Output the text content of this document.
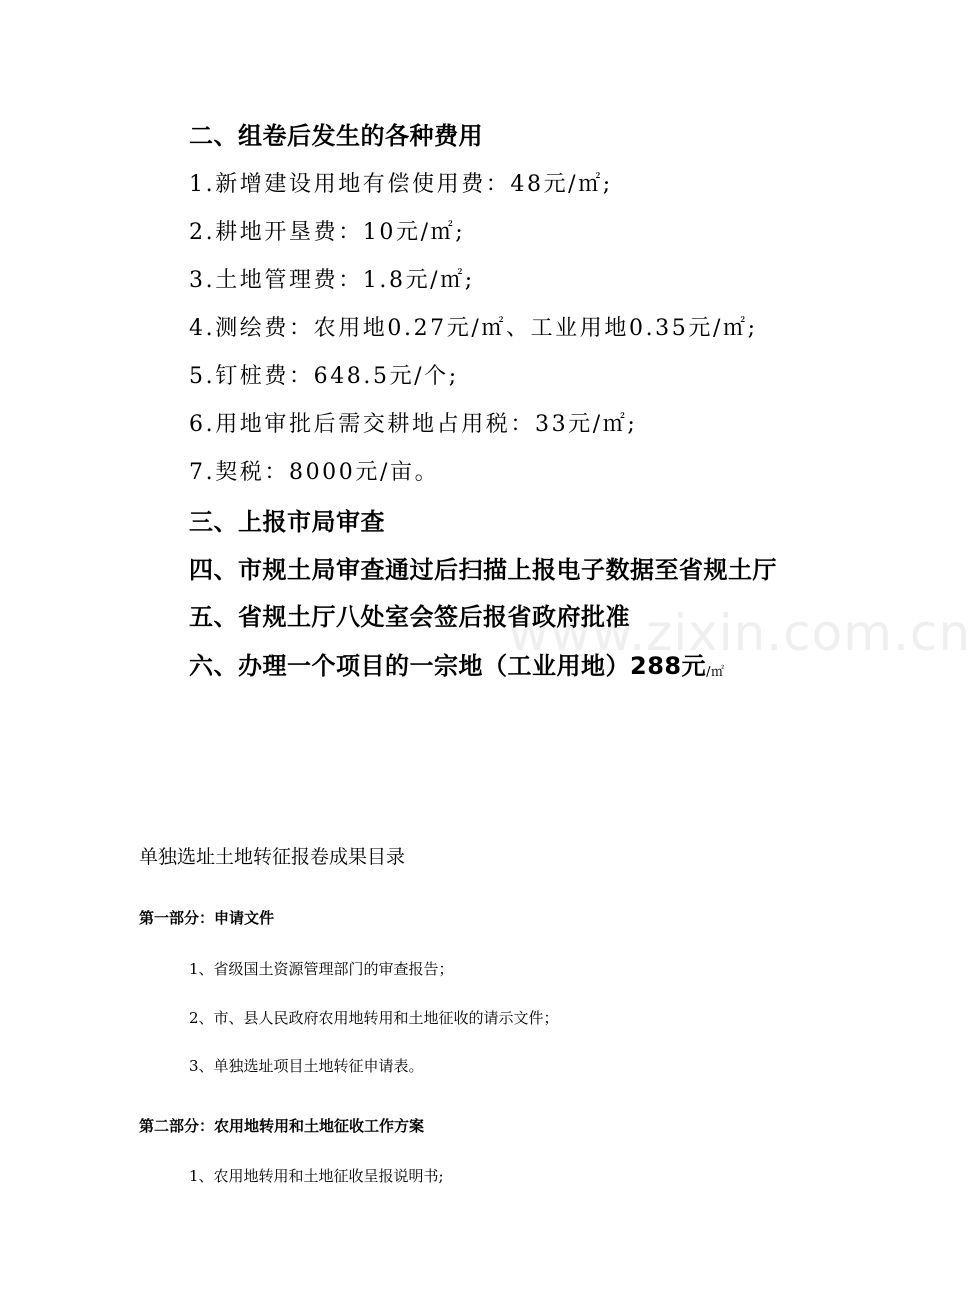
www.zixin.com.cn
二、组卷后发生的各种费用
1.新增建设用地有偿使用费：48元/㎡;
2.耕地开垦费：10元/㎡;
3.土地管理费：1.8元/㎡;
4.测绘费：农用地0.27元/㎡、工业用地0.35元/㎡;
5.钉桩费：648.5元/个;
6.用地审批后需交耕地占用税：33元/㎡;
7.契税：8000元/亩。
三、上报市局审查
四、市规土局审查通过后扫描上报电子数据至省规土厅
五、省规土厅八处室会签后报省政府批准
六、办理一个项目的一宗地（工业用地）288元/㎡
单独选址土地转征报卷成果目录
第一部分：申请文件
1、省级国土资源管理部门的审查报告；
2、市、县人民政府农用地转用和土地征收的请示文件；
3、单独选址项目土地转征申请表。
第二部分：农用地转用和土地征收工作方案
1、农用地转用和土地征收呈报说明书;
